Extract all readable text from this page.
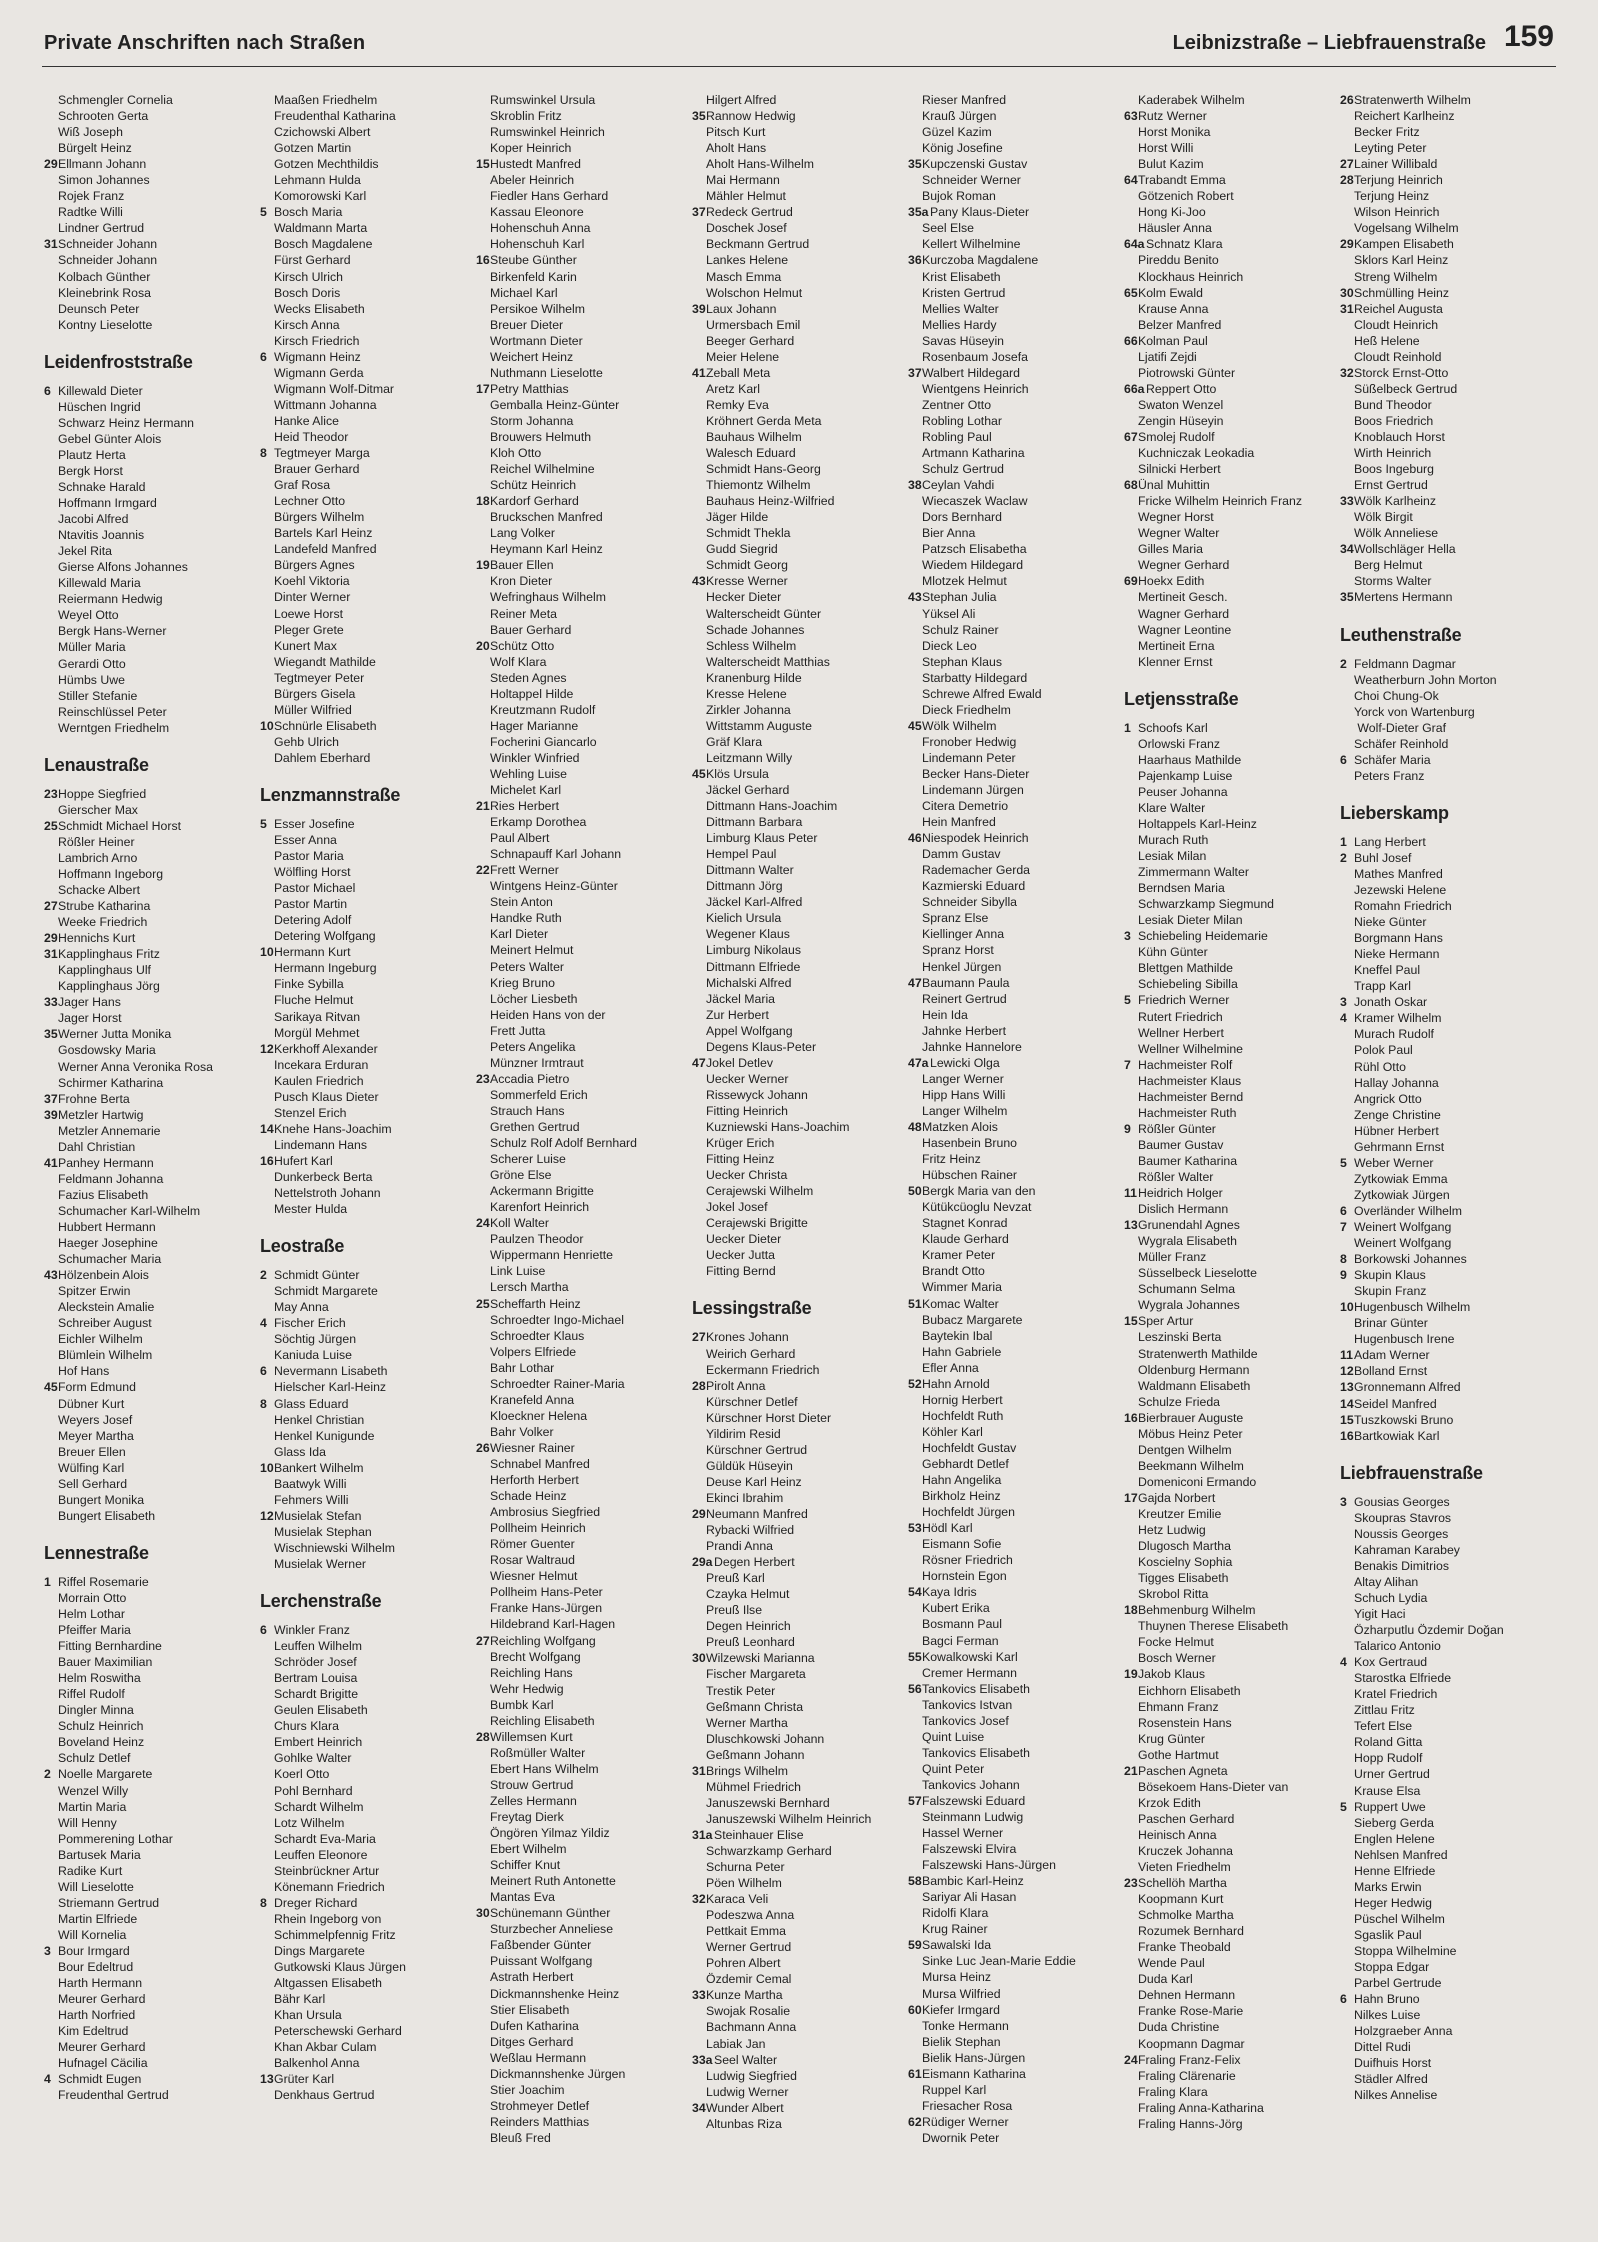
Private Anschriften nach Straßen	Leibnizstraße – Liebfrauenstraße 159
Schmengler Cornelia
Schrooten Gerta
Wiß Joseph
Bürgelt Heinz
29Ellmann Johann
Simon Johannes
Rojek Franz
Radtke Willi
Lindner Gertrud
31Schneider Johann
Schneider Johann
Kolbach Günther
Kleinebrink Rosa
Deunsch Peter
Kontny Lieselotte
Leidenfroststraße
6 Killewald Dieter
Hüschen Ingrid
Schwarz Heinz Hermann
Gebel Günter Alois
Plautz Herta
Bergk Horst
Schnake Harald
Hoffmann Irmgard
Jacobi Alfred
Ntavitis Joannis
Jekel Rita
Gierse Alfons Johannes
Killewald Maria
Reiermann Hedwig
Weyel Otto
Bergk Hans-Werner
Müller Maria
Gerardi Otto
Hümbs Uwe
Stiller Stefanie
Reinschlüssel Peter
Werntgen Friedhelm
Lenaustraße
23Hoppe Siegfried
Gierscher Max
25Schmidt Michael Horst
Rößler Heiner
Lambrich Arno
Hoffmann Ingeborg
Schacke Albert
27Strube Katharina
Weeke Friedrich
29Hennichs Kurt
31Kapplinghaus Fritz
Kapplinghaus Ulf
Kapplinghaus Jörg
33Jager Hans
Jager Horst
35Werner Jutta Monika
Gosdowsky Maria
Werner Anna Veronika Rosa
Schirmer Katharina
37Frohne Berta
39Metzler Hartwig
Metzler Annemarie
Dahl Christian
41Panhey Hermann
Feldmann Johanna
Fazius Elisabeth
Schumacher Karl-Wilhelm
Hubbert Hermann
Haeger Josephine
Schumacher Maria
43Hölzenbein Alois
Spitzer Erwin
Aleckstein Amalie
Schreiber August
Eichler Wilhelm
Blümlein Wilhelm
Hof Hans
45Form Edmund
Dübner Kurt
Weyers Josef
Meyer Martha
Breuer Ellen
Wülfing Karl
Sell Gerhard
Bungert Monika
Bungert Elisabeth
Lennestraße
1 Riffel Rosemarie
Morrain Otto
Helm Lothar
Pfeiffer Maria
Fitting Bernhardine
Bauer Maximilian
Helm Roswitha
Riffel Rudolf
Dingler Minna
Schulz Heinrich
Boveland Heinz
Schulz Detlef
2 Noelle Margarete
Wenzel Willy
Martin Maria
Will Henny
Pommerening Lothar
Bartusek Maria
Radike Kurt
Will Lieselotte
Striemann Gertrud
Martin Elfriede
Will Kornelia
3 Bour Irmgard
Bour Edeltrud
Harth Hermann
Meurer Gerhard
Harth Norfried
Kim Edeltrud
Meurer Gerhard
Hufnagel Cäcilia
4 Schmidt Eugen
Freudenthal Gertrud
Maaßen Friedhelm
Freudenthal Katharina
Czichowski Albert
Gotzen Martin
Gotzen Mechthildis
Lehmann Hulda
Komorowski Karl
5 Bosch Maria
Waldmann Marta
Bosch Magdalene
Fürst Gerhard
Kirsch Ulrich
Bosch Doris
Wecks Elisabeth
Kirsch Anna
Kirsch Friedrich
6 Wigmann Heinz
Wigmann Gerda
Wigmann Wolf-Ditmar
Wittmann Johanna
Hanke Alice
Heid Theodor
8 Tegtmeyer Marga
Brauer Gerhard
Graf Rosa
Lechner Otto
Bürgers Wilhelm
Bartels Karl Heinz
Landefeld Manfred
Bürgers Agnes
Koehl Viktoria
Dinter Werner
Loewe Horst
Pleger Grete
Kunert Max
Wiegandt Mathilde
Tegtmeyer Peter
Bürgers Gisela
Müller Wilfried
10Schnürle Elisabeth
Gehb Ulrich
Dahlem Eberhard
Lenzmannstraße
5 Esser Josefine
Esser Anna
Pastor Maria
Wölfling Horst
Pastor Michael
Pastor Martin
Detering Adolf
Detering Wolfgang
10Hermann Kurt
Hermann Ingeburg
Finke Sybilla
Fluche Helmut
Sarikaya Ritvan
Morgül Mehmet
12Kerkhoff Alexander
Incekara Erduran
Kaulen Friedrich
Pusch Klaus Dieter
Stenzel Erich
14Knehe Hans-Joachim
Lindemann Hans
16Hufert Karl
Dunkerbeck Berta
Nettelstroth Johann
Mester Hulda
Leostraße
2 Schmidt Günter
Schmidt Margarete
May Anna
4 Fischer Erich
Söchtig Jürgen
Kaniuda Luise
6 Nevermann Lisabeth
Hielscher Karl-Heinz
8 Glass Eduard
Henkel Christian
Henkel Kunigunde
Glass Ida
10Bankert Wilhelm
Baatwyk Willi
Fehmers Willi
12Musielak Stefan
Musielak Stephan
Wischniewski Wilhelm
Musielak Werner
Lerchenstraße
6 Winkler Franz
Leuffen Wilhelm
Schröder Josef
Bertram Louisa
Schardt Brigitte
Geulen Elisabeth
Churs Klara
Embert Heinrich
Gohlke Walter
Koerl Otto
Pohl Bernhard
Schardt Wilhelm
Lotz Wilhelm
Schardt Eva-Maria
Leuffen Eleonore
Steinbrückner Artur
Könemann Friedrich
8 Dreger Richard
Rhein Ingeborg von
Schimmelpfennig Fritz
Dings Margarete
Gutkowski Klaus Jürgen
Altgassen Elisabeth
Bähr Karl
Khan Ursula
Peterschewski Gerhard
Khan Akbar Culam
Balkenhol Anna
13Grüter Karl
Denkhaus Gertrud
Rumswinkel Ursula
Skroblin Fritz
Rumswinkel Heinrich
Koper Heinrich
15Hustedt Manfred
Abeler Heinrich
Fiedler Hans Gerhard
Kassau Eleonore
Hohenschuh Anna
Hohenschuh Karl
16Steube Günther
Birkenfeld Karin
Michael Karl
Persikoe Wilhelm
Breuer Dieter
Wortmann Dieter
Weichert Heinz
Nuthmann Lieselotte
17Petry Matthias
Gemballa Heinz-Günter
Storm Johanna
Brouwers Helmuth
Kloh Otto
Reichel Wilhelmine
Schütz Heinrich
18Kardorf Gerhard
Bruckschen Manfred
Lang Volker
Heymann Karl Heinz
19Bauer Ellen
Kron Dieter
Wefringhaus Wilhelm
Reiner Meta
Bauer Gerhard
20Schütz Otto
Wolf Klara
Steden Agnes
Holtappel Hilde
Kreutzmann Rudolf
Hager Marianne
Focherini Giancarlo
Winkler Winfried
Wehling Luise
Michelet Karl
21Ries Herbert
Erkamp Dorothea
Paul Albert
Schnapauff Karl Johann
22Frett Werner
Wintgens Heinz-Günter
Stein Anton
Handke Ruth
Karl Dieter
Meinert Helmut
Peters Walter
Krieg Bruno
Löcher Liesbeth
Heiden Hans von der
Frett Jutta
Peters Angelika
Münzner Irmtraut
23Accadia Pietro
Sommerfeld Erich
Strauch Hans
Grethen Gertrud
Schulz Rolf Adolf Bernhard
Scherer Luise
Gröne Else
Ackermann Brigitte
Karenfort Heinrich
24Koll Walter
Paulzen Theodor
Wippermann Henriette
Link Luise
Lersch Martha
25Scheffarth Heinz
Schroedter Ingo-Michael
Schroedter Klaus
Volpers Elfriede
Bahr Lothar
Schroedter Rainer-Maria
Kranefeld Anna
Kloeckner Helena
Bahr Volker
26Wiesner Rainer
Schnabel Manfred
Herforth Herbert
Schade Heinz
Ambrosius Siegfried
Pollheim Heinrich
Römer Guenter
Rosar Waltraud
Wiesner Helmut
Pollheim Hans-Peter
Franke Hans-Jürgen
Hildebrand Karl-Hagen
27Reichling Wolfgang
Brecht Wolfgang
Reichling Hans
Wehr Hedwig
Bumbk Karl
Reichling Elisabeth
28Willemsen Kurt
Roßmüller Walter
Ebert Hans Wilhelm
Strouw Gertrud
Zelles Hermann
Freytag Dierk
Öngören Yilmaz Yildiz
Ebert Wilhelm
Schiffer Knut
Meinert Ruth Antonette
Mantas Eva
30Schünemann Günther
Sturzbecher Anneliese
Faßbender Günter
Puissant Wolfgang
Astrath Herbert
Dickmannshenke Heinz
Stier Elisabeth
Dufen Katharina
Ditges Gerhard
Weßlau Hermann
Dickmannshenke Jürgen
Stier Joachim
Strohmeyer Detlef
Reinders Matthias
Bleuß Fred
Hilgert Alfred
35Rannow Hedwig
Pitsch Kurt
Aholt Hans
Aholt Hans-Wilhelm
Mai Hermann
Mähler Helmut
37Redeck Gertrud
Doschek Josef
Beckmann Gertrud
Lankes Helene
Masch Emma
Wolschon Helmut
39Laux Johann
Urmersbach Emil
Beeger Gerhard
Meier Helene
41Zeball Meta
Aretz Karl
Remky Eva
Kröhnert Gerda Meta
Bauhaus Wilhelm
Walesch Eduard
Schmidt Hans-Georg
Thiemontz Wilhelm
Bauhaus Heinz-Wilfried
Jäger Hilde
Schmidt Thekla
Gudd Siegrid
Schmidt Georg
43Kresse Werner
Hecker Dieter
Walterscheidt Günter
Schade Johannes
Schless Wilhelm
Walterscheidt Matthias
Kranenburg Hilde
Kresse Helene
Zirkler Johanna
Wittstamm Auguste
Gräf Klara
Leitzmann Willy
45Klös Ursula
Jäckel Gerhard
Dittmann Hans-Joachim
Dittmann Barbara
Limburg Klaus Peter
Hempel Paul
Dittmann Walter
Dittmann Jörg
Jäckel Karl-Alfred
Kielich Ursula
Wegener Klaus
Limburg Nikolaus
Dittmann Elfriede
Michalski Alfred
Jäckel Maria
Zur Herbert
Appel Wolfgang
Degens Klaus-Peter
47Jokel Detlev
Uecker Werner
Rissewyck Johann
Fitting Heinrich
Kuzniewski Hans-Joachim
Krüger Erich
Fitting Heinz
Uecker Christa
Cerajewski Wilhelm
Jokel Josef
Cerajewski Brigitte
Uecker Dieter
Uecker Jutta
Fitting Bernd
Lessingstraße
27Krones Johann
Weirich Gerhard
Eckermann Friedrich
28Pirolt Anna
Kürschner Detlef
Kürschner Horst Dieter
Yildirim Resid
Kürschner Gertrud
Güldük Hüseyin
Deuse Karl Heinz
Ekinci Ibrahim
29Neumann Manfred
Rybacki Wilfried
Prandi Anna
29aDegen Herbert
Preuß Karl
Czayka Helmut
Preuß Ilse
Degen Heinrich
Preuß Leonhard
30Wilzewski Marianna
Fischer Margareta
Trestik Peter
Geßmann Christa
Werner Martha
Dluschkowski Johann
Geßmann Johann
31Brings Wilhelm
Mühmel Friedrich
Januszewski Bernhard
Januszewski Wilhelm Heinrich
31aSteinhauer Elise
Schwarzkamp Gerhard
Schurna Peter
Pöen Wilhelm
32Karaca Veli
Podeszwa Anna
Pettkait Emma
Werner Gertrud
Pohren Albert
Özdemir Cemal
33Kunze Martha
Swojak Rosalie
Bachmann Anna
Labiak Jan
33aSeel Walter
Ludwig Siegfried
Ludwig Werner
34Wunder Albert
Altunbas Riza
Rieser Manfred
Krauß Jürgen
Güzel Kazim
König Josefine
35Kupczenski Gustav
Schneider Werner
Bujok Roman
35aPany Klaus-Dieter
Seel Else
Kellert Wilhelmine
36Kurczoba Magdalene
Krist Elisabeth
Kristen Gertrud
Mellies Walter
Mellies Hardy
Savas Hüseyin
Rosenbaum Josefa
37Walbert Hildegard
Wientgens Heinrich
Zentner Otto
Robling Lothar
Robling Paul
Artmann Katharina
Schulz Gertrud
38Ceylan Vahdi
Wiecaszek Waclaw
Dors Bernhard
Bier Anna
Patzsch Elisabetha
Wiedem Hildegard
Mlotzek Helmut
43Stephan Julia
Yüksel Ali
Schulz Rainer
Dieck Leo
Stephan Klaus
Starbatty Hildegard
Schrewe Alfred Ewald
Dieck Friedhelm
45Wölk Wilhelm
Fronober Hedwig
Lindemann Peter
Becker Hans-Dieter
Lindemann Jürgen
Citera Demetrio
Hein Manfred
46Niespodek Heinrich
Damm Gustav
Rademacher Gerda
Kazmierski Eduard
Schneider Sibylla
Spranz Else
Kiellinger Anna
Spranz Horst
Henkel Jürgen
47Baumann Paula
Reinert Gertrud
Hein Ida
Jahnke Herbert
Jahnke Hannelore
47aLewicki Olga
Langer Werner
Hipp Hans Willi
Langer Wilhelm
48Matzken Alois
Hasenbein Bruno
Fritz Heinz
Hübschen Rainer
50Bergk Maria van den
Kütükcüoglu Nevzat
Stagnet Konrad
Klaude Gerhard
Kramer Peter
Brandt Otto
Wimmer Maria
51Komac Walter
Bubacz Margarete
Baytekin Ibal
Hahn Gabriele
Efler Anna
52Hahn Arnold
Hornig Herbert
Hochfeldt Ruth
Köhler Karl
Hochfeldt Gustav
Gebhardt Detlef
Hahn Angelika
Birkholz Heinz
Hochfeldt Jürgen
53Hödl Karl
Eismann Sofie
Rösner Friedrich
Hornstein Egon
54Kaya Idris
Kubert Erika
Bosmann Paul
Bagci Ferman
55Kowalkowski Karl
Cremer Hermann
56Tankovics Elisabeth
Tankovics Istvan
Tankovics Josef
Quint Luise
Tankovics Elisabeth
Quint Peter
Tankovics Johann
57Falszewski Eduard
Steinmann Ludwig
Hassel Werner
Falszewski Elvira
Falszewski Hans-Jürgen
58Bambic Karl-Heinz
Sariyar Ali Hasan
Ridolfi Klara
Krug Rainer
59Sawalski Ida
Sinke Luc Jean-Marie Eddie
Mursa Heinz
Mursa Wilfried
60Kiefer Irmgard
Tonke Hermann
Bielik Stephan
Bielik Hans-Jürgen
61Eismann Katharina
Ruppel Karl
Friesacher Rosa
62Rüdiger Werner
Dwornik Peter
Kaderabek Wilhelm
63Rutz Werner
Horst Monika
Horst Willi
Bulut Kazim
64Trabandt Emma
Götzenich Robert
Hong Ki-Joo
Häusler Anna
64aSchnatz Klara
Pireddu Benito
Klockhaus Heinrich
65Kolm Ewald
Krause Anna
Belzer Manfred
66Kolman Paul
Ljatifi Zejdi
Piotrowski Günter
66aReppert Otto
Swaton Wenzel
Zengin Hüseyin
67Smolej Rudolf
Kuchniczak Leokadia
Silnicki Herbert
68Ünal Muhittin
Fricke Wilhelm Heinrich Franz
Wegner Horst
Wegner Walter
Gilles Maria
Wegner Gerhard
69Hoekx Edith
Mertineit Gesch.
Wagner Gerhard
Wagner Leontine
Mertineit Erna
Klenner Ernst
Letjensstraße
1 Schoofs Karl
Orlowski Franz
Haarhaus Mathilde
Pajenkamp Luise
Peuser Johanna
Klare Walter
Holtappels Karl-Heinz
Murach Ruth
Lesiak Milan
Zimmermann Walter
Berndsen Maria
Schwarzkamp Siegmund
Lesiak Dieter Milan
3 Schiebeling Heidemarie
Kühn Günter
Blettgen Mathilde
Schiebeling Sibilla
5 Friedrich Werner
Rutert Friedrich
Wellner Herbert
Wellner Wilhelmine
7 Hachmeister Rolf
Hachmeister Klaus
Hachmeister Bernd
Hachmeister Ruth
9 Rößler Günter
Baumer Gustav
Baumer Katharina
Rößler Walter
11Heidrich Holger
Dislich Hermann
13Grunendahl Agnes
Wygrala Elisabeth
Müller Franz
Süsselbeck Lieselotte
Schumann Selma
Wygrala Johannes
15Sper Artur
Leszinski Berta
Stratenwerth Mathilde
Oldenburg Hermann
Waldmann Elisabeth
Schulze Frieda
16Bierbrauer Auguste
Möbus Heinz Peter
Dentgen Wilhelm
Beekmann Wilhelm
Domeniconi Ermando
17Gajda Norbert
Kreutzer Emilie
Hetz Ludwig
Dlugosch Martha
Koscielny Sophia
Tigges Elisabeth
Skrobol Ritta
18Behmenburg Wilhelm
Thuynen Therese Elisabeth
Focke Helmut
Bosch Werner
19Jakob Klaus
Eichhorn Elisabeth
Ehmann Franz
Rosenstein Hans
Krug Günter
Gothe Hartmut
21Paschen Agneta
Bösekoem Hans-Dieter van
Krzok Edith
Paschen Gerhard
Heinisch Anna
Kruczek Johanna
Vieten Friedhelm
23Schellöh Martha
Koopmann Kurt
Schmolke Martha
Rozumek Bernhard
Franke Theobald
Wende Paul
Duda Karl
Dehnen Hermann
Franke Rose-Marie
Duda Christine
Koopmann Dagmar
24Fraling Franz-Felix
Fraling Clärenarie
Fraling Klara
Fraling Anna-Katharina
Fraling Hanns-Jörg
26Stratenwerth Wilhelm
Reichert Karlheinz
Becker Fritz
Leyting Peter
27Lainer Willibald
28Terjung Heinrich
Terjung Heinz
Wilson Heinrich
Vogelsang Wilhelm
29Kampen Elisabeth
Sklors Karl Heinz
Streng Wilhelm
30Schmülling Heinz
31Reichel Augusta
Cloudt Heinrich
Heß Helene
Cloudt Reinhold
32Storck Ernst-Otto
Süßelbeck Gertrud
Bund Theodor
Boos Friedrich
Knoblauch Horst
Wirth Heinrich
Boos Ingeburg
Ernst Gertrud
33Wölk Karlheinz
Wölk Birgit
Wölk Anneliese
34Wollschläger Hella
Berg Helmut
Storms Walter
35Mertens Hermann
Leuthenstraße
2 Feldmann Dagmar
Weatherburn John Morton
Choi Chung-Ok
Yorck von Wartenburg
Wolf-Dieter Graf
Schäfer Reinhold
6 Schäfer Maria
Peters Franz
Lieberskamp
1 Lang Herbert
2 Buhl Josef
Mathes Manfred
Jezewski Helene
Romahn Friedrich
Nieke Günter
Borgmann Hans
Nieke Hermann
Kneffel Paul
Trapp Karl
3 Jonath Oskar
4 Kramer Wilhelm
Murach Rudolf
Polok Paul
Rühl Otto
Hallay Johanna
Angrick Otto
Zenge Christine
Hübner Herbert
Gehrmann Ernst
5 Weber Werner
Zytkowiak Emma
Zytkowiak Jürgen
6 Overländer Wilhelm
7 Weinert Wolfgang
Weinert Wolfgang
8 Borkowski Johannes
9 Skupin Klaus
Skupin Franz
10Hugenbusch Wilhelm
Brinar Günter
Hugenbusch Irene
11Adam Werner
12Bolland Ernst
13Gronnemann Alfred
14Seidel Manfred
15Tuszkowski Bruno
16Bartkowiak Karl
Liebfrauenstraße
3 Gousias Georges
Skoupras Stavros
Noussis Georges
Kahraman Karabey
Benakis Dimitrios
Altay Alihan
Schuch Lydia
Yigit Haci
Özharputlu Özdemir Doğan
Talarico Antonio
4 Kox Gertraud
Starostka Elfriede
Kratel Friedrich
Zittlau Fritz
Tefert Else
Roland Gitta
Hopp Rudolf
Urner Gertrud
Krause Elsa
5 Ruppert Uwe
Sieberg Gerda
Englen Helene
Nehlsen Manfred
Henne Elfriede
Marks Erwin
Heger Hedwig
Püschel Wilhelm
Sgaslik Paul
Stoppa Wilhelmine
Stoppa Edgar
Parbel Gertrude
6 Hahn Bruno
Nilkes Luise
Holzgraeber Anna
Dittel Rudi
Duifhuis Horst
Städler Alfred
Nilkes Annelise
